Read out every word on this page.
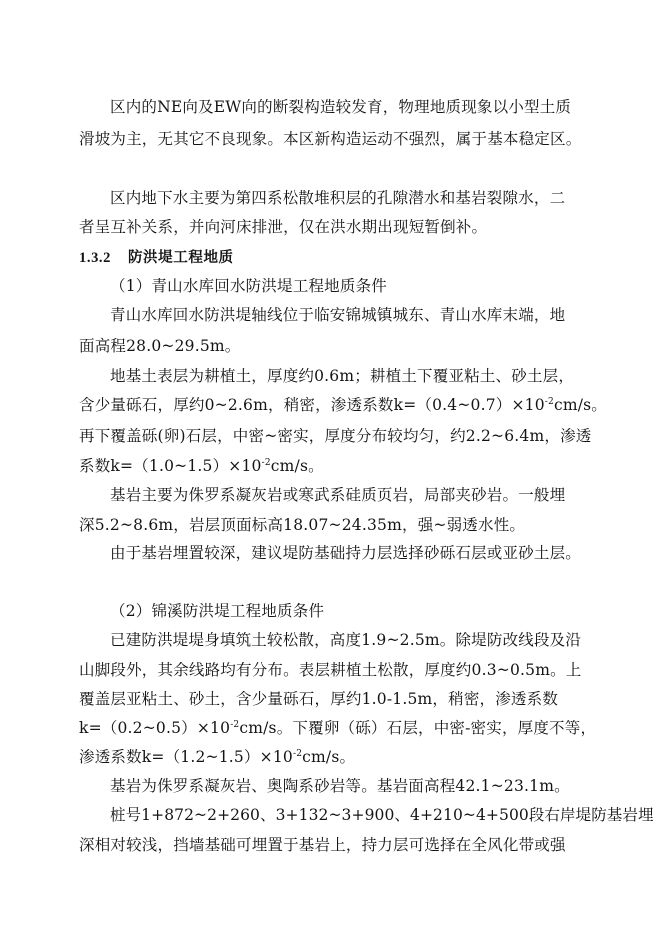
区内的NE向及EW向的断裂构造较发育，物理地质现象以小型土质
滑坡为主，无其它不良现象。本区新构造运动不强烈，属于基本稳定区。
区内地下水主要为第四系松散堆积层的孔隙潜水和基岩裂隙水，二
者呈互补关系，并向河床排泄，仅在洪水期出现短暂倒补。
1.3.2 防洪堤工程地质
（1）青山水库回水防洪堤工程地质条件
青山水库回水防洪堤轴线位于临安锦城镇城东、青山水库末端，地
面高程28.0~29.5m。
地基土表层为耕植土，厚度约0.6m；耕植土下覆亚粘土、砂土层，
含少量砾石，厚约0~2.6m，稍密，渗透系数$k=(0.4\sim 0.7)\times 10^{-2}cm/s$。
再下覆盖砾(卵)石层，中密~密实，厚度分布较均匀，约2.2~6.4m，渗透
系数$k=(1.0\sim 1.5)\times 10^{-2}cm/s$。
基岩主要为侏罗系凝灰岩或寒武系硅质页岩，局部夹砂岩。一般埋
深5.2~8.6m，岩层顶面标高18.07~24.35m，强~弱透水性。
由于基岩埋置较深，建议堤防基础持力层选择砂砾石层或亚砂土层。
（2）锦溪防洪堤工程地质条件
已建防洪堤堤身填筑土较松散，高度1.9~2.5m。除堤防改线段及沿
山脚段外，其余线路均有分布。表层耕植土松散，厚度约0.3~0.5m。上
覆盖层亚粘土、砂土，含少量砾石，厚约1.0-1.5m，稍密，渗透系数
$k=(0.2\sim 0.5)\times 10^{-2}cm/s$。下覆卵（砾）石层，中密-密实，厚度不等，
渗透系数$k=(1.2\sim 1.5)\times 10^{-2}cm/s$。
基岩为侏罗系凝灰岩、奥陶系砂岩等。基岩面高程42.1~23.1m。
桩号1+872~2+260、3+132~3+900、4+210~4+500段右岸堤防基岩埋
深相对较浅，挡墙基础可埋置于基岩上，持力层可选择在全风化带或强
